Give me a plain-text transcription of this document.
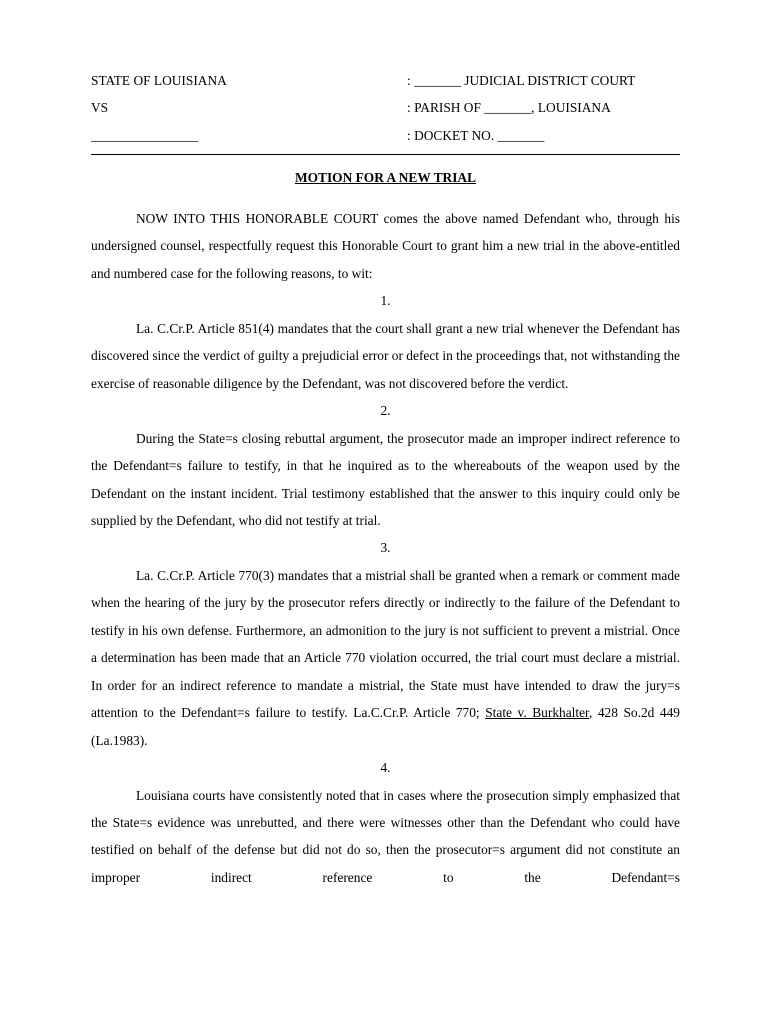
STATE OF LOUISIANA	: _______ JUDICIAL DISTRICT COURT
VS	: PARISH OF _______, LOUISIANA
________________	: DOCKET NO. _______
MOTION FOR A NEW TRIAL

NOW INTO THIS HONORABLE COURT comes the above named Defendant who, through his undersigned counsel, respectfully request this Honorable Court to grant him a new trial in the above-entitled and numbered case for the following reasons, to wit:

1.

La. C.Cr.P. Article 851(4) mandates that the court shall grant a new trial whenever the Defendant has discovered since the verdict of guilty a prejudicial error or defect in the proceedings that, not withstanding the exercise of reasonable diligence by the Defendant, was not discovered before the verdict.

2.

During the State=s closing rebuttal argument, the prosecutor made an improper indirect reference to the Defendant=s failure to testify, in that he inquired as to the whereabouts of the weapon used by the Defendant on the instant incident. Trial testimony established that the answer to this inquiry could only be supplied by the Defendant, who did not testify at trial.

3.

La. C.Cr.P. Article 770(3) mandates that a mistrial shall be granted when a remark or comment made when the hearing of the jury by the prosecutor refers directly or indirectly to the failure of the Defendant to testify in his own defense. Furthermore, an admonition to the jury is not sufficient to prevent a mistrial. Once a determination has been made that an Article 770 violation occurred, the trial court must declare a mistrial. In order for an indirect reference to mandate a mistrial, the State must have intended to draw the jury=s attention to the Defendant=s failure to testify. La.C.Cr.P. Article 770; State v. Burkhalter, 428 So.2d 449 (La.1983).

4.

Louisiana courts have consistently noted that in cases where the prosecution simply emphasized that the State=s evidence was unrebutted, and there were witnesses other than the Defendant who could have testified on behalf of the defense but did not do so, then the prosecutor=s argument did not constitute an improper indirect reference to the Defendant=s
